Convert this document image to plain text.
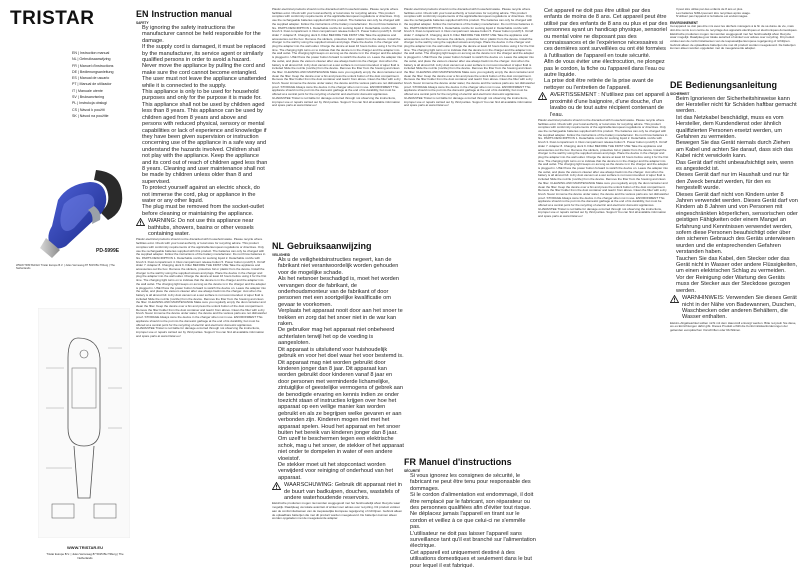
TRISTAR
EN | Instruction manual
NL | Gebruiksaanwijzing
FR | Manuel d'instructions
DE | Bedienungsanleitung
ES | Manual de usuario
PT | Manual de utilizador
IT | Manuale utente
SV | Bruksanvisning
PL | Instrukcja obsługi
CS | Návod k použití
SK | Návod na použitie
PD-5999E
WWW.TRISTAR.EU Tristar Europe B.V. | Jules Verneweg 87 5015 BH Tilburg | The Netherlands
WWW.TRISTAR.EU
Tristar Europe B.V. | Jules Verneweg 87 5015 BH Tilburg | The Netherlands
EN Instruction manual
SAFETY
• By ignoring the safety instructions the manufacturer cannot be held responsible for the damage.
• If the supply cord is damaged, it must be replaced by the manufacturer, its service agent or similarly qualified persons in order to avoid a hazard.
• Never move the appliance by pulling the cord and make sure the cord cannot become entangled.
• The user must not leave the appliance unattended while it is connected to the supply.
• This appliance is only to be used for household purposes and only for the purpose it is made for.
• This appliance shall not be used by children aged less than 8 years. This appliance can be used by children aged from 8 years and above and persons with reduced physical, sensory or mental capabilities or lack of experience and knowledge if they have been given supervision or instruction concerning use of the appliance in a safe way and understand the hazards involved. Children shall not play with the appliance. Keep the appliance and its cord out of reach of children aged less than 8 years. Cleaning and user maintenance shall not be made by children unless older than 8 and supervised.
• To protect yourself against an electric shock, do not immerse the cord, plug or appliance in the water or any other liquid.
• The plug must be removed from the socket-outlet before cleaning or maintaining the appliance.
WARNING: Do not use this appliance near bathtubs, showers, basins or other vessels containing water.
Plastic electrical products should not be discarded with household waste. Please recycle where facilities exist. Check with your local authority or local store for recycling advice. This product complies with conformity requirements of the applicable European regulations or directives. Only use the rechargeable batteries supplied with this product. The batteries can only be charged with the supplied adapter. Follow the instructions of the battery manufacturer. Do not throw batteries in fire. PARTS DESCRIPTION 1. Detachable nozzle for sucking liquid 2. Detachable nozzle with brush 3. Dust compartment 4. Dust compartment release button 5. Power button (on/off) 6. On/off slider 7. Adapter 8. Charging dock 9. Filter BEFORE THE FIRST USE Take the appliance and accessories out the box. Remove the stickers, protective foil or plastic from the device. Install the charger to the wall by using the supplied screws and plugs. Place the device in the charger and plug the adapter into the wall outlet. Charge the device at least 16 hours before using it for the first time. The charging light turns on to indicate that the device is in the charger and the adapter into the wall outlet. The charging light keeps on as long as the device is in the charger and the adapter is plugged in. USE Press the power button forward to switch the device on. Leave the adapter into the outlet, and place the vacuum cleaner after use always back into the charger. Just when the battery is all almost full. A dry dust vacuum at a wet surface is not recommended. A wiper fluid is included Slide the nozzle (nozzle) from the device. Remove the filter from the housing and clean the filter. CLEANING AND MAINTENANCE Make sure you regularly empty the dust container and clean the filter. Keep the device over a bin and press the unlock button of the dust compartment. Remove the filter holder from the dust container and lead it from above. Clean the filter with a dry brush. Never immerse the device under water, the device and the various parts are not dishwasher proof. STORAGE Always store the device in the charger when not in use. ENVIRONMENT This appliance should not be put into the domestic garbage at the end of its durability, but must be offered at a central point for the recycling of electric and electronic domestic appliances. GUARANTEE Tristar is not liable for damage occurred through not observing the instructions, improper use or repairs carried out by third parties. Support You can find all available information and spare parts at www.tristar.eu!
Plastic electrical products should not be discarded with household waste. Please recycle where facilities exist. Check with your local authority or local store for recycling advice. This product complies with conformity requirements of the applicable European regulations or directives. Only use the rechargeable batteries supplied with this product. The batteries can only be charged with the supplied adapter. Follow the instructions of the battery manufacturer. Do not throw batteries in fire. PARTS DESCRIPTION 1. Detachable nozzle for sucking liquid 2. Detachable nozzle with brush 3. Dust compartment 4. Dust compartment release button 5. Power button (on/off) 6. On/off slider 7. Adapter 8. Charging dock 9. Filter BEFORE THE FIRST USE Take the appliance and accessories out the box. Remove the stickers, protective foil or plastic from the device. Install the charger to the wall by using the supplied screws and plugs. Place the device in the charger and plug the adapter into the wall outlet. Charge the device at least 16 hours before using it for the first time. The charging light turns on to indicate that the device is in the charger and the adapter into the wall outlet. The charging light keeps on as long as the device is in the charger and the adapter is plugged in. USE Press the power button forward to switch the device on. Leave the adapter into the outlet, and place the vacuum cleaner after use always back into the charger. Just when the battery is all almost full. A dry dust vacuum at a wet surface is not recommended. A wiper fluid is included Slide the nozzle (nozzle) from the device. Remove the filter from the housing and clean the filter. CLEANING AND MAINTENANCE Make sure you regularly empty the dust container and clean the filter. Keep the device over a bin and press the unlock button of the dust compartment. Remove the filter holder from the dust container and lead it from above. Clean the filter with a dry brush. Never immerse the device under water, the device and the various parts are not dishwasher proof. STORAGE Always store the device in the charger when not in use. ENVIRONMENT This appliance should not be put into the domestic garbage at the end of its durability, but must be offered at a central point for the recycling of electric and electronic domestic appliances. GUARANTEE Tristar is not liable for damage occurred through not observing the instructions, improper use or repairs carried out by third parties. Support You can find all available information and spare parts at www.tristar.eu!
NL Gebruiksaanwijzing
VEILIGHEID
• Als u de veiligheidsinstructies negeert, kan de fabrikant niet verantwoordelijk worden gehouden voor de mogelijke schade.
• Als het netsnoer beschadigd is, moet het worden vervangen door de fabrikant, de onderhoudsmonteur van de fabrikant of door personen met een soortgelijke kwalificatie om gevaar te voorkomen.
• Verplaats het apparaat nooit door aan het snoer te trekken en zorg dat het snoer niet in de war kan raken.
• De gebruiker mag het apparaat niet onbeheerd achterlaten terwijl het op de voeding is aangesloten.
• Dit apparaat is uitsluitend voor huishoudelijk gebruik en voor het doel waar het voor bestemd is.
• Dit apparaat mag niet worden gebruikt door kinderen jonger dan 8 jaar. Dit apparaat kan worden gebruikt door kinderen vanaf 8 jaar en door personen met verminderde lichamelijke, zintuiglijke of geestelijke vermogens of gebrek aan de benodigde ervaring en kennis indien ze onder toezicht staan of instructies krijgen over hoe het apparaat op een veilige manier kan worden gebruikt en als ze begrijpen welke gevaren er aan verbonden zijn. Kinderen mogen niet met het apparaat spelen. Houd het apparaat en het snoer buiten het bereik van kinderen jonger dan 8 jaar.
• Om uzelf te beschermen tegen een elektrische schok, mag u het snoer, de stekker of het apparaat niet onder te dompelen in water of een andere vloeistof.
• De stekker moet uit het stopcontact worden verwijderd voor reiniging of onderhoud van het apparaat.
WAARSCHUWING: Gebruik dit apparaat niet in de buurt van badkuipen, douches, wastafels of andere waterhoudende reservoirs.
Elektrische producten mogen niet worden weggegooid met het huishoudelijk afval. Recycle waar mogelijk. Raadpleeg uw lokale autoriteit of winkel voor advies over recycling. Dit product voldoet aan de conformiteitseisen van de toepasselijke Europese regelgeving of richtlijnen. Gebruik alleen de oplaadbare batterijen die met dit product worden meegeleverd. De batterijen kunnen alleen worden opgeladen met de meegeleverde adapter.
Plastic electrical products should not be discarded with household waste. Please recycle where facilities exist. Check with your local authority or local store for recycling advice. This product complies with conformity requirements of the applicable European regulations or directives. Only use the rechargeable batteries supplied with this product. The batteries can only be charged with the supplied adapter. Follow the instructions of the battery manufacturer. Do not throw batteries in fire. PARTS DESCRIPTION 1. Detachable nozzle for sucking liquid 2. Detachable nozzle with brush 3. Dust compartment 4. Dust compartment release button 5. Power button (on/off) 6. On/off slider 7. Adapter 8. Charging dock 9. Filter BEFORE THE FIRST USE Take the appliance and accessories out the box. Remove the stickers, protective foil or plastic from the device. Install the charger to the wall by using the supplied screws and plugs. Place the device in the charger and plug the adapter into the wall outlet. Charge the device at least 16 hours before using it for the first time. The charging light turns on to indicate that the device is in the charger and the adapter into the wall outlet. The charging light keeps on as long as the device is in the charger and the adapter is plugged in. USE Press the power button forward to switch the device on. Leave the adapter into the outlet, and place the vacuum cleaner after use always back into the charger. Just when the battery is all almost full. A dry dust vacuum at a wet surface is not recommended. A wiper fluid is included Slide the nozzle (nozzle) from the device. Remove the filter from the housing and clean the filter. CLEANING AND MAINTENANCE Make sure you regularly empty the dust container and clean the filter. Keep the device over a bin and press the unlock button of the dust compartment. Remove the filter holder from the dust container and lead it from above. Clean the filter with a dry brush. Never immerse the device under water, the device and the various parts are not dishwasher proof. STORAGE Always store the device in the charger when not in use. ENVIRONMENT This appliance should not be put into the domestic garbage at the end of its durability, but must be offered at a central point for the recycling of electric and electronic domestic appliances. GUARANTEE Tristar is not liable for damage occurred through not observing the instructions, improper use or repairs carried out by third parties. Support You can find all available information and spare parts at www.tristar.eu!
FR Manuel d'instructions
SÉCURITÉ
• Si vous ignorez les consignes de sécurité, le fabricant ne peut être tenu pour responsable des dommages.
• Si le cordon d'alimentation est endommagé, il doit être remplacé par le fabricant, son réparateur ou des personnes qualifiées afin d'éviter tout risque.
• Ne déplacez jamais l'appareil en tirant sur le cordon et veillez à ce que celui-ci ne s'emmêle pas.
• L'utilisateur ne doit pas laisser l'appareil sans surveillance tant qu'il est branché sur l'alimentation électrique.
• Cet appareil est uniquement destiné à des utilisations domestiques et seulement dans le but pour lequel il est fabriqué.
• Cet appareil ne doit pas être utilisé par des enfants de moins de 8 ans. Cet appareil peut être utilisé par des enfants de 8 ans ou plus et par des personnes ayant un handicap physique, sensoriel ou mental voire ne disposant pas des connaissances et de l'expérience nécessaires si ces dernières sont surveillées ou ont été formées à l'utilisation de l'appareil en toute sécurité.
• Afin de vous éviter une électrocution, ne plongez pas le cordon, la fiche ou l'appareil dans l'eau ou autre liquide.
• La prise doit être retirée de la prise avant de nettoyer ou l'entretien de l'appareil.
AVERTISSEMENT : N'utilisez pas cet appareil à proximité d'une baignoire, d'une douche, d'un lavabo ou de tout autre récipient contenant de l'eau.
Plastic electrical products should not be discarded with household waste. Please recycle where facilities exist. Check with your local authority or local store for recycling advice. This product complies with conformity requirements of the applicable European regulations or directives. Only use the rechargeable batteries supplied with this product. The batteries can only be charged with the supplied adapter. Follow the instructions of the battery manufacturer. Do not throw batteries in fire. PARTS DESCRIPTION 1. Detachable nozzle for sucking liquid 2. Detachable nozzle with brush 3. Dust compartment 4. Dust compartment release button 5. Power button (on/off) 6. On/off slider 7. Adapter 8. Charging dock 9. Filter BEFORE THE FIRST USE Take the appliance and accessories out the box. Remove the stickers, protective foil or plastic from the device. Install the charger to the wall by using the supplied screws and plugs. Place the device in the charger and plug the adapter into the wall outlet. Charge the device at least 16 hours before using it for the first time. The charging light turns on to indicate that the device is in the charger and the adapter into the wall outlet. The charging light keeps on as long as the device is in the charger and the adapter is plugged in. USE Press the power button forward to switch the device on. Leave the adapter into the outlet, and place the vacuum cleaner after use always back into the charger. Just when the battery is all almost full. A dry dust vacuum at a wet surface is not recommended. A wiper fluid is included Slide the nozzle (nozzle) from the device. Remove the filter from the housing and clean the filter. CLEANING AND MAINTENANCE Make sure you regularly empty the dust container and clean the filter. Keep the device over a bin and press the unlock button of the dust compartment. Remove the filter holder from the dust container and lead it from above. Clean the filter with a dry brush. Never immerse the device under water, the device and the various parts are not dishwasher proof. STORAGE Always store the device in the charger when not in use. ENVIRONMENT This appliance should not be put into the domestic garbage at the end of its durability, but must be offered at a central point for the recycling of electric and electronic domestic appliances. GUARANTEE Tristar is not liable for damage occurred through not observing the instructions, improper use or repairs carried out by third parties. Support You can find all available information and spare parts at www.tristar.eu!
• Il peut être utilisé par des enfants de 8 ans et plus.
• Les batteries NiMH peuvent être recyclées après usage.
• N'utilisez pas l'appareil si la batterie est endommagée.
ENVIRONNEMENT
Cet appareil ne doit pas être mis avec les déchets ménagers à la fin de sa durée de vie, mais doit être remis à un centre de recyclage des appareils électriques et électroniques domestiques.
Elektrische producten mogen niet worden weggegooid met het huishoudelijk afval. Recycle waar mogelijk. Raadpleeg uw lokale autoriteit of winkel voor advies over recycling. Dit product voldoet aan de conformiteitseisen van de toepasselijke Europese regelgeving of richtlijnen. Gebruik alleen de oplaadbare batterijen die met dit product worden meegeleverd. De batterijen kunnen alleen worden opgeladen met de meegeleverde adapter.
DE Bedienungsanleitung
SICHERHEIT
• Beim Ignorieren der Sicherheitshinweise kann der Hersteller nicht für Schäden haftbar gemacht werden.
• Ist das Netzkabel beschädigt, muss es vom Hersteller, dem Kundendienst oder ähnlich qualifizierten Personen ersetzt werden, um Gefahren zu vermeiden.
• Bewegen Sie das Gerät niemals durch Ziehen am Kabel und achten Sie darauf, dass sich das Kabel nicht verwickeln kann.
• Das Gerät darf nicht unbeaufsichtigt sein, wenn es angesteckt ist.
• Dieses Gerät darf nur im Haushalt und nur für den Zweck benutzt werden, für den es hergestellt wurde.
• Dieses Gerät darf nicht von Kindern unter 8 Jahren verwendet werden. Dieses Gerät darf von Kindern ab 8 Jahren und von Personen mit eingeschränkten körperlichen, sensorischen oder geistigen Fähigkeiten oder einem Mangel an Erfahrung und Kenntnissen verwendet werden, sofern diese Personen beaufsichtigt oder über den sicheren Gebrauch des Geräts unterwiesen wurden und die entsprechenden Gefahren verstanden haben.
• Tauchen Sie das Kabel, den Stecker oder das Gerät nicht in Wasser oder andere Flüssigkeiten, um einen elektrischen Schlag zu vermeiden.
• Vor der Reinigung oder Wartung des Geräts muss der Stecker aus der Steckdose gezogen werden.
WARNHINWEIS: Verwenden Sie dieses Gerät nicht in der Nähe von Badewannen, Duschen, Waschbecken oder anderen Behältern, die Wasser enthalten.
Elektro-Abgabeartikel sollten nicht mit dem Hausmüll entsorgt werden. Bitte recyceln Sie diese, wo es Einrichtungen dafür gibt. Dieses Produkt erfüllt die Konformitätsanforderungen der geltenden europäischen Vorschriften oder Richtlinien.
